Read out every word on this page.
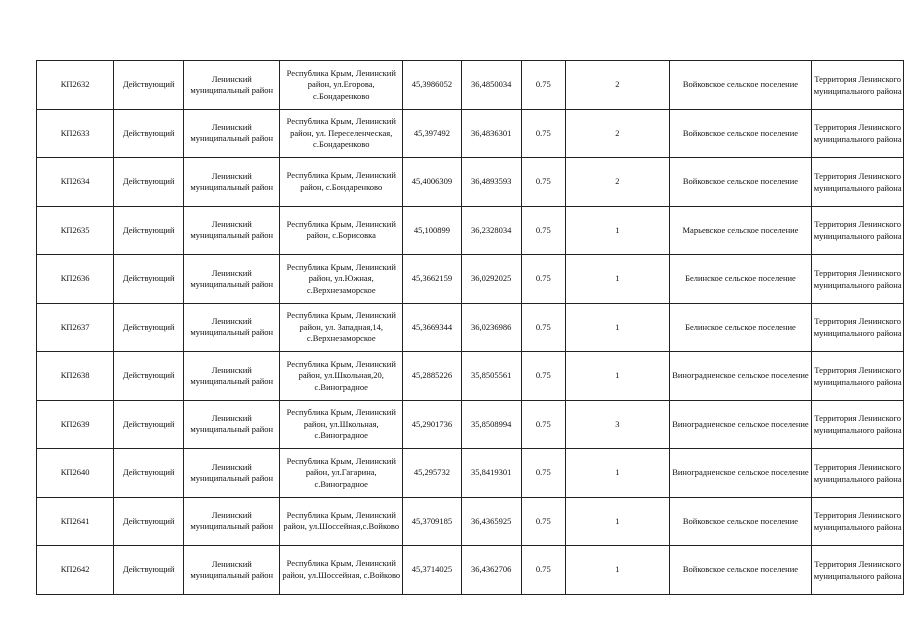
КП2632	Действующий	Ленинский муниципальный район	Республика Крым, Ленинский район, ул.Егорова, с.Бондаренково	45,3986052	36,4850034	0.75	2	Войковское сельское поселение	Территория Ленинского муниципального района
КП2633	Действующий	Ленинский муниципальный район	Республика Крым, Ленинский район, ул. Переселенческая, с.Бондаренково	45,397492	36,4836301	0.75	2	Войковское сельское поселение	Территория Ленинского муниципального района
КП2634	Действующий	Ленинский муниципальный район	Республика Крым, Ленинский район, с.Бондаренково	45,4006309	36,4893593	0.75	2	Войковское сельское поселение	Территория Ленинского муниципального района
КП2635	Действующий	Ленинский муниципальный район	Республика Крым, Ленинский район, с.Борисовка	45,100899	36,2328034	0.75	1	Марьевское сельское поселение	Территория Ленинского муниципального района
КП2636	Действующий	Ленинский муниципальный район	Республика Крым, Ленинский район, ул.Южная, с.Верхнезаморское	45,3662159	36,0292025	0.75	1	Белинское сельское поселение	Территория Ленинского муниципального района
КП2637	Действующий	Ленинский муниципальный район	Республика Крым, Ленинский район, ул. Западная,14, с.Верхнезаморское	45,3669344	36,0236986	0.75	1	Белинское сельское поселение	Территория Ленинского муниципального района
КП2638	Действующий	Ленинский муниципальный район	Республика Крым, Ленинский район, ул.Школьная,20, с.Виноградное	45,2885226	35,8505561	0.75	1	Виноградненское сельское поселение	Территория Ленинского муниципального района
КП2639	Действующий	Ленинский муниципальный район	Республика Крым, Ленинский район, ул.Школьная, с.Виноградное	45,2901736	35,8508994	0.75	3	Виноградненское сельское поселение	Территория Ленинского муниципального района
КП2640	Действующий	Ленинский муниципальный район	Республика Крым, Ленинский район, ул.Гагарина, с.Виноградное	45,295732	35,8419301	0.75	1	Виноградненское сельское поселение	Территория Ленинского муниципального района
КП2641	Действующий	Ленинский муниципальный район	Республика Крым, Ленинский район, ул.Шоссейная,с.Войково	45,3709185	36,4365925	0.75	1	Войковское сельское поселение	Территория Ленинского муниципального района
КП2642	Действующий	Ленинский муниципальный район	Республика Крым, Ленинский район, ул.Шоссейная, с.Войково	45,3714025	36,4362706	0.75	1	Войковское сельское поселение	Территория Ленинского муниципального района
